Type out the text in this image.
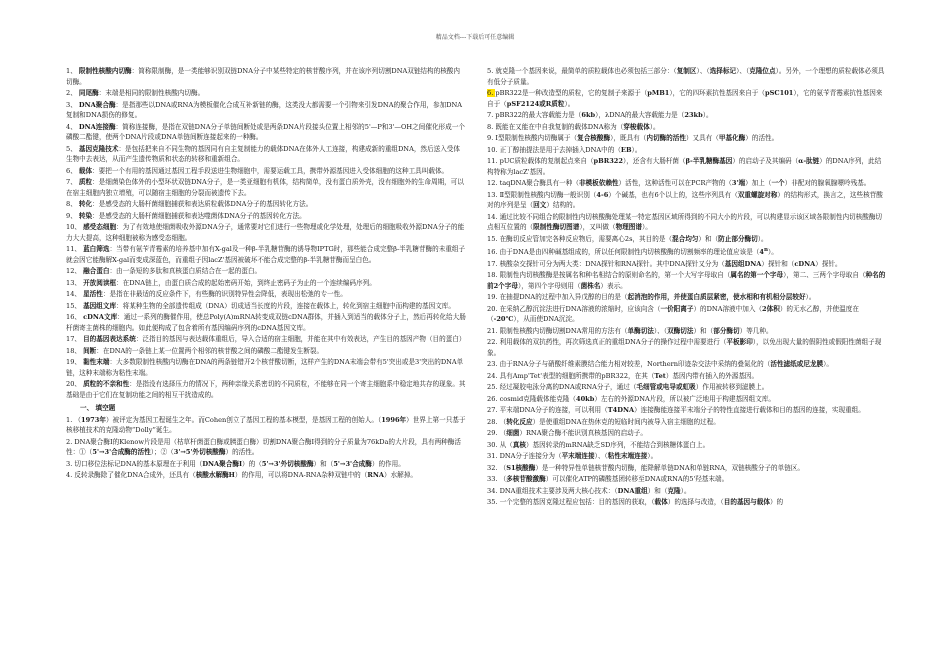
精品文档---下载后可任意编辑
1、 限制性核酸内切酶：简称限制酶，是一类能够识别双链DNA分子中某些特定的核苷酸序列，并在该序列切割DNA双链结构的核酸内切酶。
2、 同尾酶：末端是相同的限制性核酸内切酶。
3、 DNA聚合酶：是指那些以DNA或RNA为模板催化合成互补新链的酶，这类没大都需要一个引物来引发DNA的聚合作用，参加DNA复制和DNA损伤的修复。
4、 DNA连接酶：简称连接酶，是指在双链DNA分子单链间断处或是两条DNA片段接头位置上相邻的5'—P和3'—OH之间催化形成一个磷酸二酯键，使两个DNA片段或DNA单链间断连接起来的一种酶。
5、 基因克隆技术：是包括把来自不同生物的基因同有自主复制能力的载体DNA在体外人工连接，构建成新的重组DNA，然后送入受体生物中去表达，从而产生遗传物质和状态的转移和重新组合。
6、 载体：要把一个有用的基因通过基因工程手段送进生物细胞中，需要运载工具，携带外源基因进入受体细胞的这种工具叫载体。
7、 质粒：是细菌染色体外的小型环状双链DNA分子，是一类亚细胞有机体，结构简单，没有蛋白质外壳，没有细胞外的生命周期，可以在宿主细胞内独立增殖，可以随宿主细胞的分裂而被遗传下去。
8、 转化：是感受态的大肠杆菌细胞捕获和表达质粒载体DNA分子的基因转化方法。
9、 转染：是感受态的大肠杆菌细胞捕获和表达噬菌体DNA分子的基因转化方法。
10、 感受态细胞：为了有效地使细菌吸收外源DNA分子，通常要对它们进行一些物理或化学处理，处理后的细胞吸收外源DNA分子的能力大大提高，这种细胞被称为感受态细胞。
11、 蓝白筛选：当带有氨苄青霉素的培养基中加有X-gal及一种β-半乳糖苷酶的诱导物IPTG时，那些能合成完整β-半乳糖苷酶的未重组子就会因它能酶解X-gal而变成深蓝色，而重组子因lacZ'基因被破坏不能合成完整的β-半乳糖苷酶而呈白色。
12、 融合蛋白：由一条短的多肽和真核蛋白质结合在一起的蛋白。
13、 开放阅读框：在DNA链上，由蛋白质合成的起始密码开始，到终止密码子为止的一个连续编码序列。
14、 星活性：是指在非最适的反应条件下，有些酶的识别特异性会降低，表现出松弛的专一性。
15、 基因组文库：将某种生物的全部遗传组成（DNA）切成适当长度的片段，连接在载体上，转化到宿主细胞中而构建的基因文库。
16、 cDNA文库：通过一系列的酶催作用，使总Poly(A)mRNA转变成双链cDNA群体，并插入到适当的载体分子上，然后再转化给大肠杆菌寄主菌株的细胞内。如此便构成了包含着所有基因编码序列的cDNA基因文库。
17、 目的基因表达系统：泛指目的基因与表达载体重组后，导入合适的宿主细胞，并能在其中有效表达，产生目的基因产物（目的蛋白）
18、 间断：在DNA的一条链上某一位置两个相邻的核苷酸之间的磷酸二酯键发生断裂。
19、 黏性末端：大多数限制性核酸内切酶在DNA的两条链错开2个核苷酸切断，这样产生的DNA末端会带有5'突出或是3'突出的DNA单链，这种末端称为粘性末端。
20、 质粒的不亲和性：是指没有选择压力的情况下，两种亲缘关系密切的不同质粒，不能够在同一个寄主细胞系中稳定地共存的现象。其基础是由于它们在复制功能之间的相互干扰造成的。
一、 填空题
1. （1973年）被评定为基因工程诞生之年。而Cohen创立了基因工程的基本模型，是基因工程的创始人。（1996年）世界上第一只基于核移植技术的克隆动物“Dolly”诞生。
2. DNA聚合酶Ⅰ的Klenow片段是用（枯草杆菌蛋白酶或胰蛋白酶）切割DNA聚合酶Ⅰ得到的分子质量为76kDa的大片段，具有两种酶活性：①（5'→3'合成酶的活性）；②（3'→5'外切核酸酶）的活性。
3. 切口移位法标记DNA的基本原理在于利用（DNA聚合酶Ⅰ）的（5'→3'外切核酸酶）和（5'→3'合成酶）的作用。
4. 反转录酶除了催化DNA合成外，还具有（核酸水解酶H）的作用，可以将DNA-RNA杂种双链中的（RNA）水解掉。
5. 就克隆一个基因来说，最简单的质粒载体也必须包括三部分：（复制区）、（选择标记）、（克隆位点）。另外，一个理想的质粒载体必须具有低分子质量。
6. pBR322是一种改造型的质粒，它的复制子来源于（pMB1），它的四环素抗性基因来自于（pSC101），它的氨苄青霉素抗性基因来自于（pSF2124或R质粒）。
7. pBR322的最大容载能力是（6kb），λDNA的最大容载能力是（23kb）。
8. 既能在又能在中自我复制的载体DNA称为（穿梭载体）。
9. Ⅰ型限制性核酸内切酶属于（复合核酸酶），既具有（内切酶的活性）又具有（甲基化酶）的活性。
10. 正丁醇抽提法是用于去掉插入DNA中的（EB）。
11. pUC质粒载体的复制起点来自（pBR322），还含有大肠杆菌（β-半乳糖酶基因）的启动子及其编码（α-肽链）的DNA序列，此结构特称为lacZ'基因。
12. taqDNA聚合酶具有一种（非模板依赖性）活性，这种活性可以在PCR产物的（3'端）加上（一个）非配对的腺氧腺嘌呤残基。
13. Ⅱ型限制性核酸内切酶一般识别（4-6）个碱基，也有6个以上的，这些序列具有（双重螺旋对称）的结构形式，换言之，这些核苷酸对的序列是呈（回文）结构的。
14. 通过比较不同组合的限制性内切核酸酶处理某一特定基因区域所得到的不同大小的片段，可以构建显示该区域各限制性内切核酸酶切点相互位置的（限制性酶切图谱），又叫做（物理图谱）。
15. 在酶切反应管加完各种反应物后，需要离心2s，其目的是（混合均匀）和（防止部分酶切）。
16. 由于DNA是由四种碱基组成的，所以任何限制性内切核酸酶的切割频率的理论值应该是（4$^n$）。
17. 核酸杂交探针可分为两大类：DNA探针和RNA探针。其中DNA探针又分为（基因组DNA）探针和（cDNA）探针。
18. 限制性内切核酸酶是按属名和种名相结合的原则命名的，第一个大写字母取自（属名的第一个字母），第二、三两个字母取自（种名的前2个字母），第四个字母则用（菌株名）表示。
19. 在抽提DNA的过程中加入异戊醇的目的是（起消泡的作用，并使蛋白质层紧密，使水相和有机相分层较好）。
20. 在采纳乙醇沉淀法进行DNA溶液的浓缩时，应该向含（一价阳离子）的DNA溶液中加入（2体积）的无水乙醇，并使温度在（-20℃），从而使DNA沉淀。
21. 限制性核酸内切酶切割DNA常用的方法有（单酶切法）、（双酶切法）和（部分酶切）等几种。
22. 利用载体的双抗药性，再次筛选真正的重组DNA分子的操作过程中需要进行（平板影印），以免出现大量的假阴性或假阳性菌组子现象。
23. 由于RNA分子与硝酸纤维素膜结合能力相对较差，Northern印迹杂交法中采纳的叠氮化的（活性滤纸或尼龙膜）。
24. 具有Amp'Tet'表型的细胞所携带的pBR322，在其（Tet）基因内带有插入的外源基因。
25. 经过凝胶电泳分离的DNA或RNA分子，通过（毛细管或电导或虹吸）作用被转移到滤膜上。
26. cosmid克隆载体能克隆（40kb）左右的外源DNA片段，所以被广泛地用于构建基因组文库。
27. 平末端DNA分子的连接，可以利用（T4DNA）连接酶能连接平末端分子的特性直接进行载体和目的基因的连接，实现重组。
28. （转化反应）是使重组DNA在热休克的短临时间内被导入宿主细胞的过程。
29. （细菌）RNA聚合酶不能识别真核基因的启动子。
30. 从（真核）基因转录的mRNA缺乏SD序列，不能结合到核糖体蛋白上。
31. DNA分子连接分为（平末端连接）、（粘性末端连接）。
32. （S1核酸酶）是一种特异性单链核苷酸内切酶，能降解单链DNA和单链RNA，双链核酸分子的单链区。
33. （多核苷酸激酶）可以催化ATP的磷酸基团转移至DNA或RNA的5'羟基末端。
34. DNA重组技术主要涉及两大核心技术：（DNA重组）和（克隆）。
35. 一个完整的基因克隆过程应包括：目的基因的获取，（载体）的选择与改造，（目的基因与载体）的
